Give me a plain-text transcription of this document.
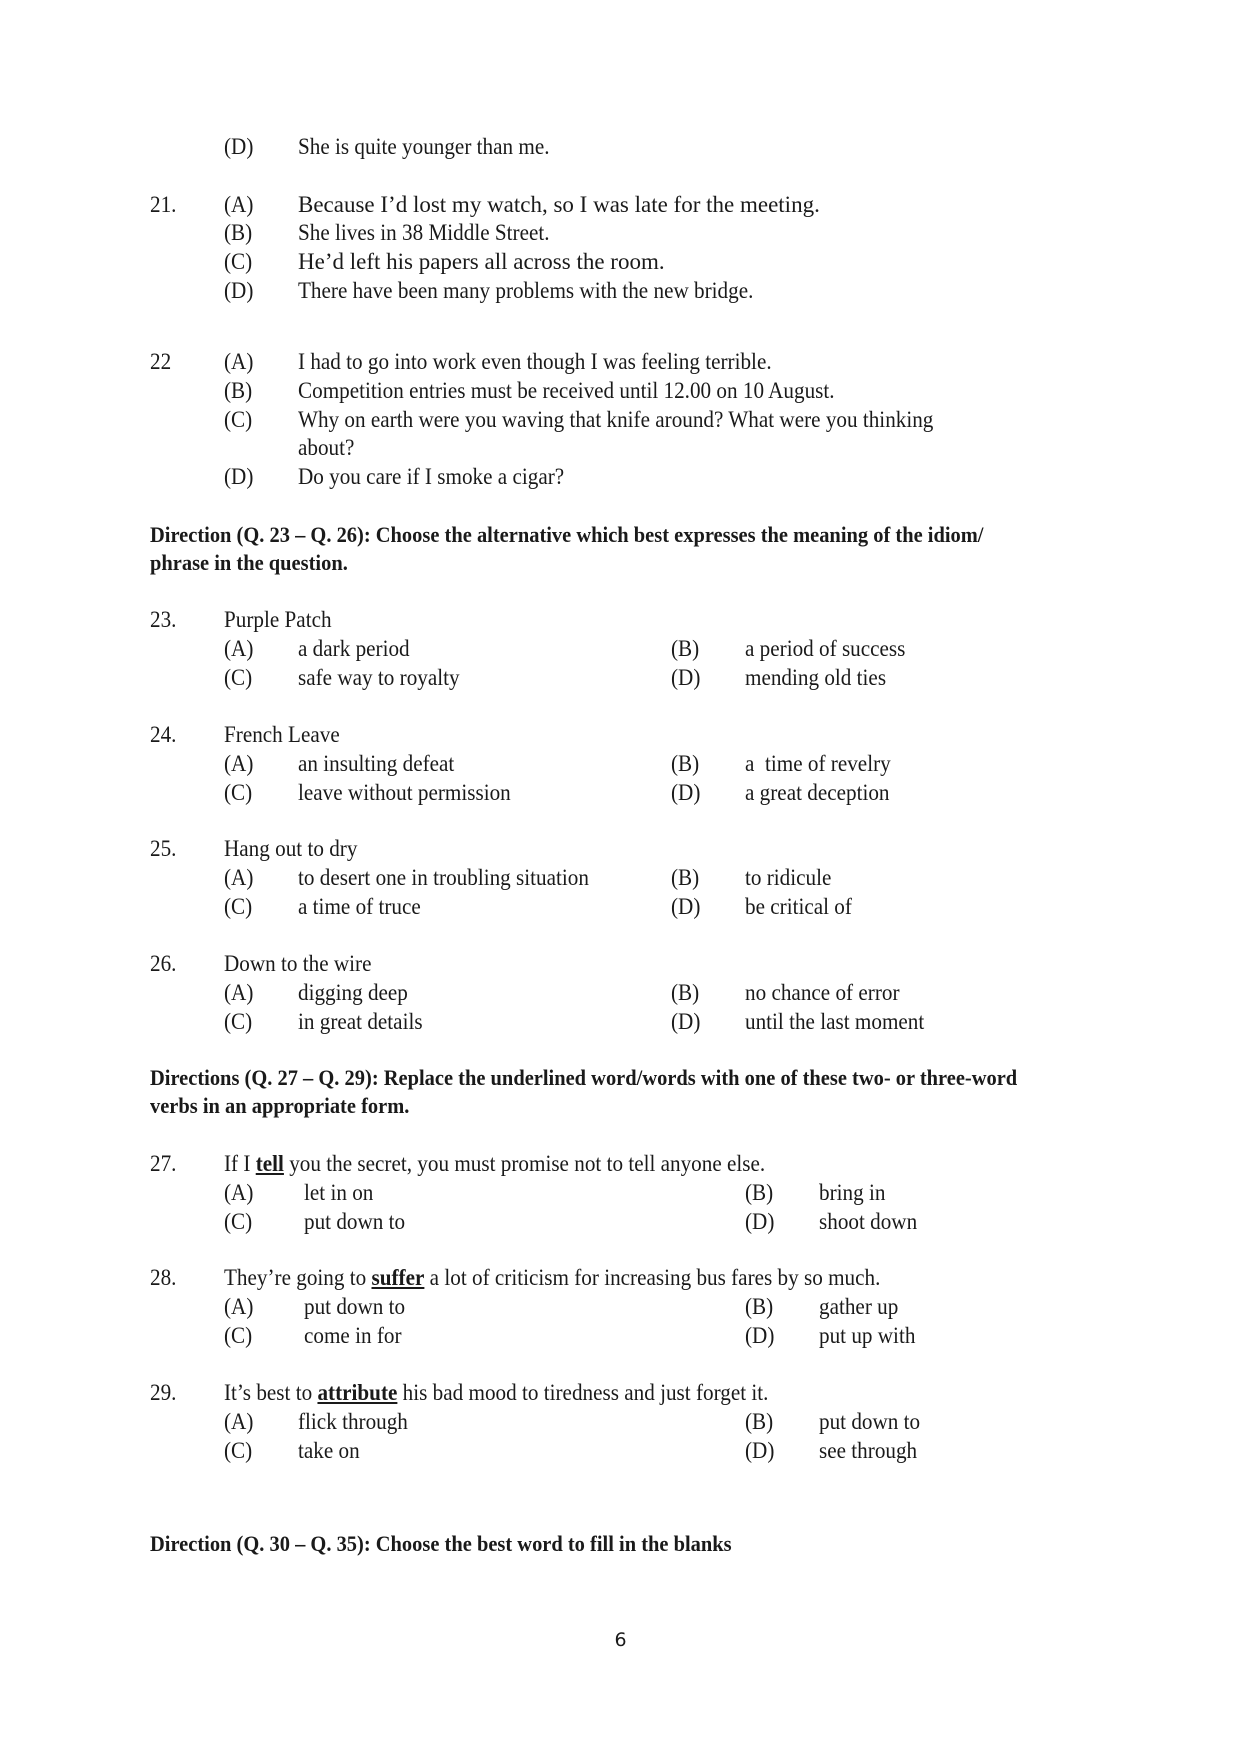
(D) She is quite younger than me.
21. (A) Because I’d lost my watch, so I was late for the meeting.
(B) She lives in 38 Middle Street.
(C) He’d left his papers all across the room.
(D) There have been many problems with the new bridge.
22 (A) I had to go into work even though I was feeling terrible.
(B) Competition entries must be received until 12.00 on 10 August.
(C) Why on earth were you waving that knife around? What were you thinking
about?
(D) Do you care if I smoke a cigar?
Direction (Q. 23 – Q. 26): Choose the alternative which best expresses the meaning of the idiom/ phrase in the question.
23. Purple Patch
(A) a dark period	(B) a period of success
(C) safe way to royalty	(D) mending old ties
24. French Leave
(A) an insulting defeat	(B) a  time of revelry
(C) leave without permission	(D) a great deception
25. Hang out to dry
(A) to desert one in troubling situation	(B) to ridicule
(C) a time of truce	(D) be critical of
26. Down to the wire
(A) digging deep	(B) no chance of error
(C) in great details	(D) until the last moment
Directions (Q. 27 – Q. 29): Replace the underlined word/words with one of these two- or three-word verbs in an appropriate form.
27. If I tell you the secret, you must promise not to tell anyone else.
(A) let in on	(B) bring in
(C) put down to	(D) shoot down
28. They’re going to suffer a lot of criticism for increasing bus fares by so much.
(A) put down to	(B) gather up
(C) come in for	(D) put up with
29. It’s best to attribute his bad mood to tiredness and just forget it.
(A) flick through	(B) put down to
(C) take on	(D) see through
Direction (Q. 30 – Q. 35): Choose the best word to fill in the blanks
6
